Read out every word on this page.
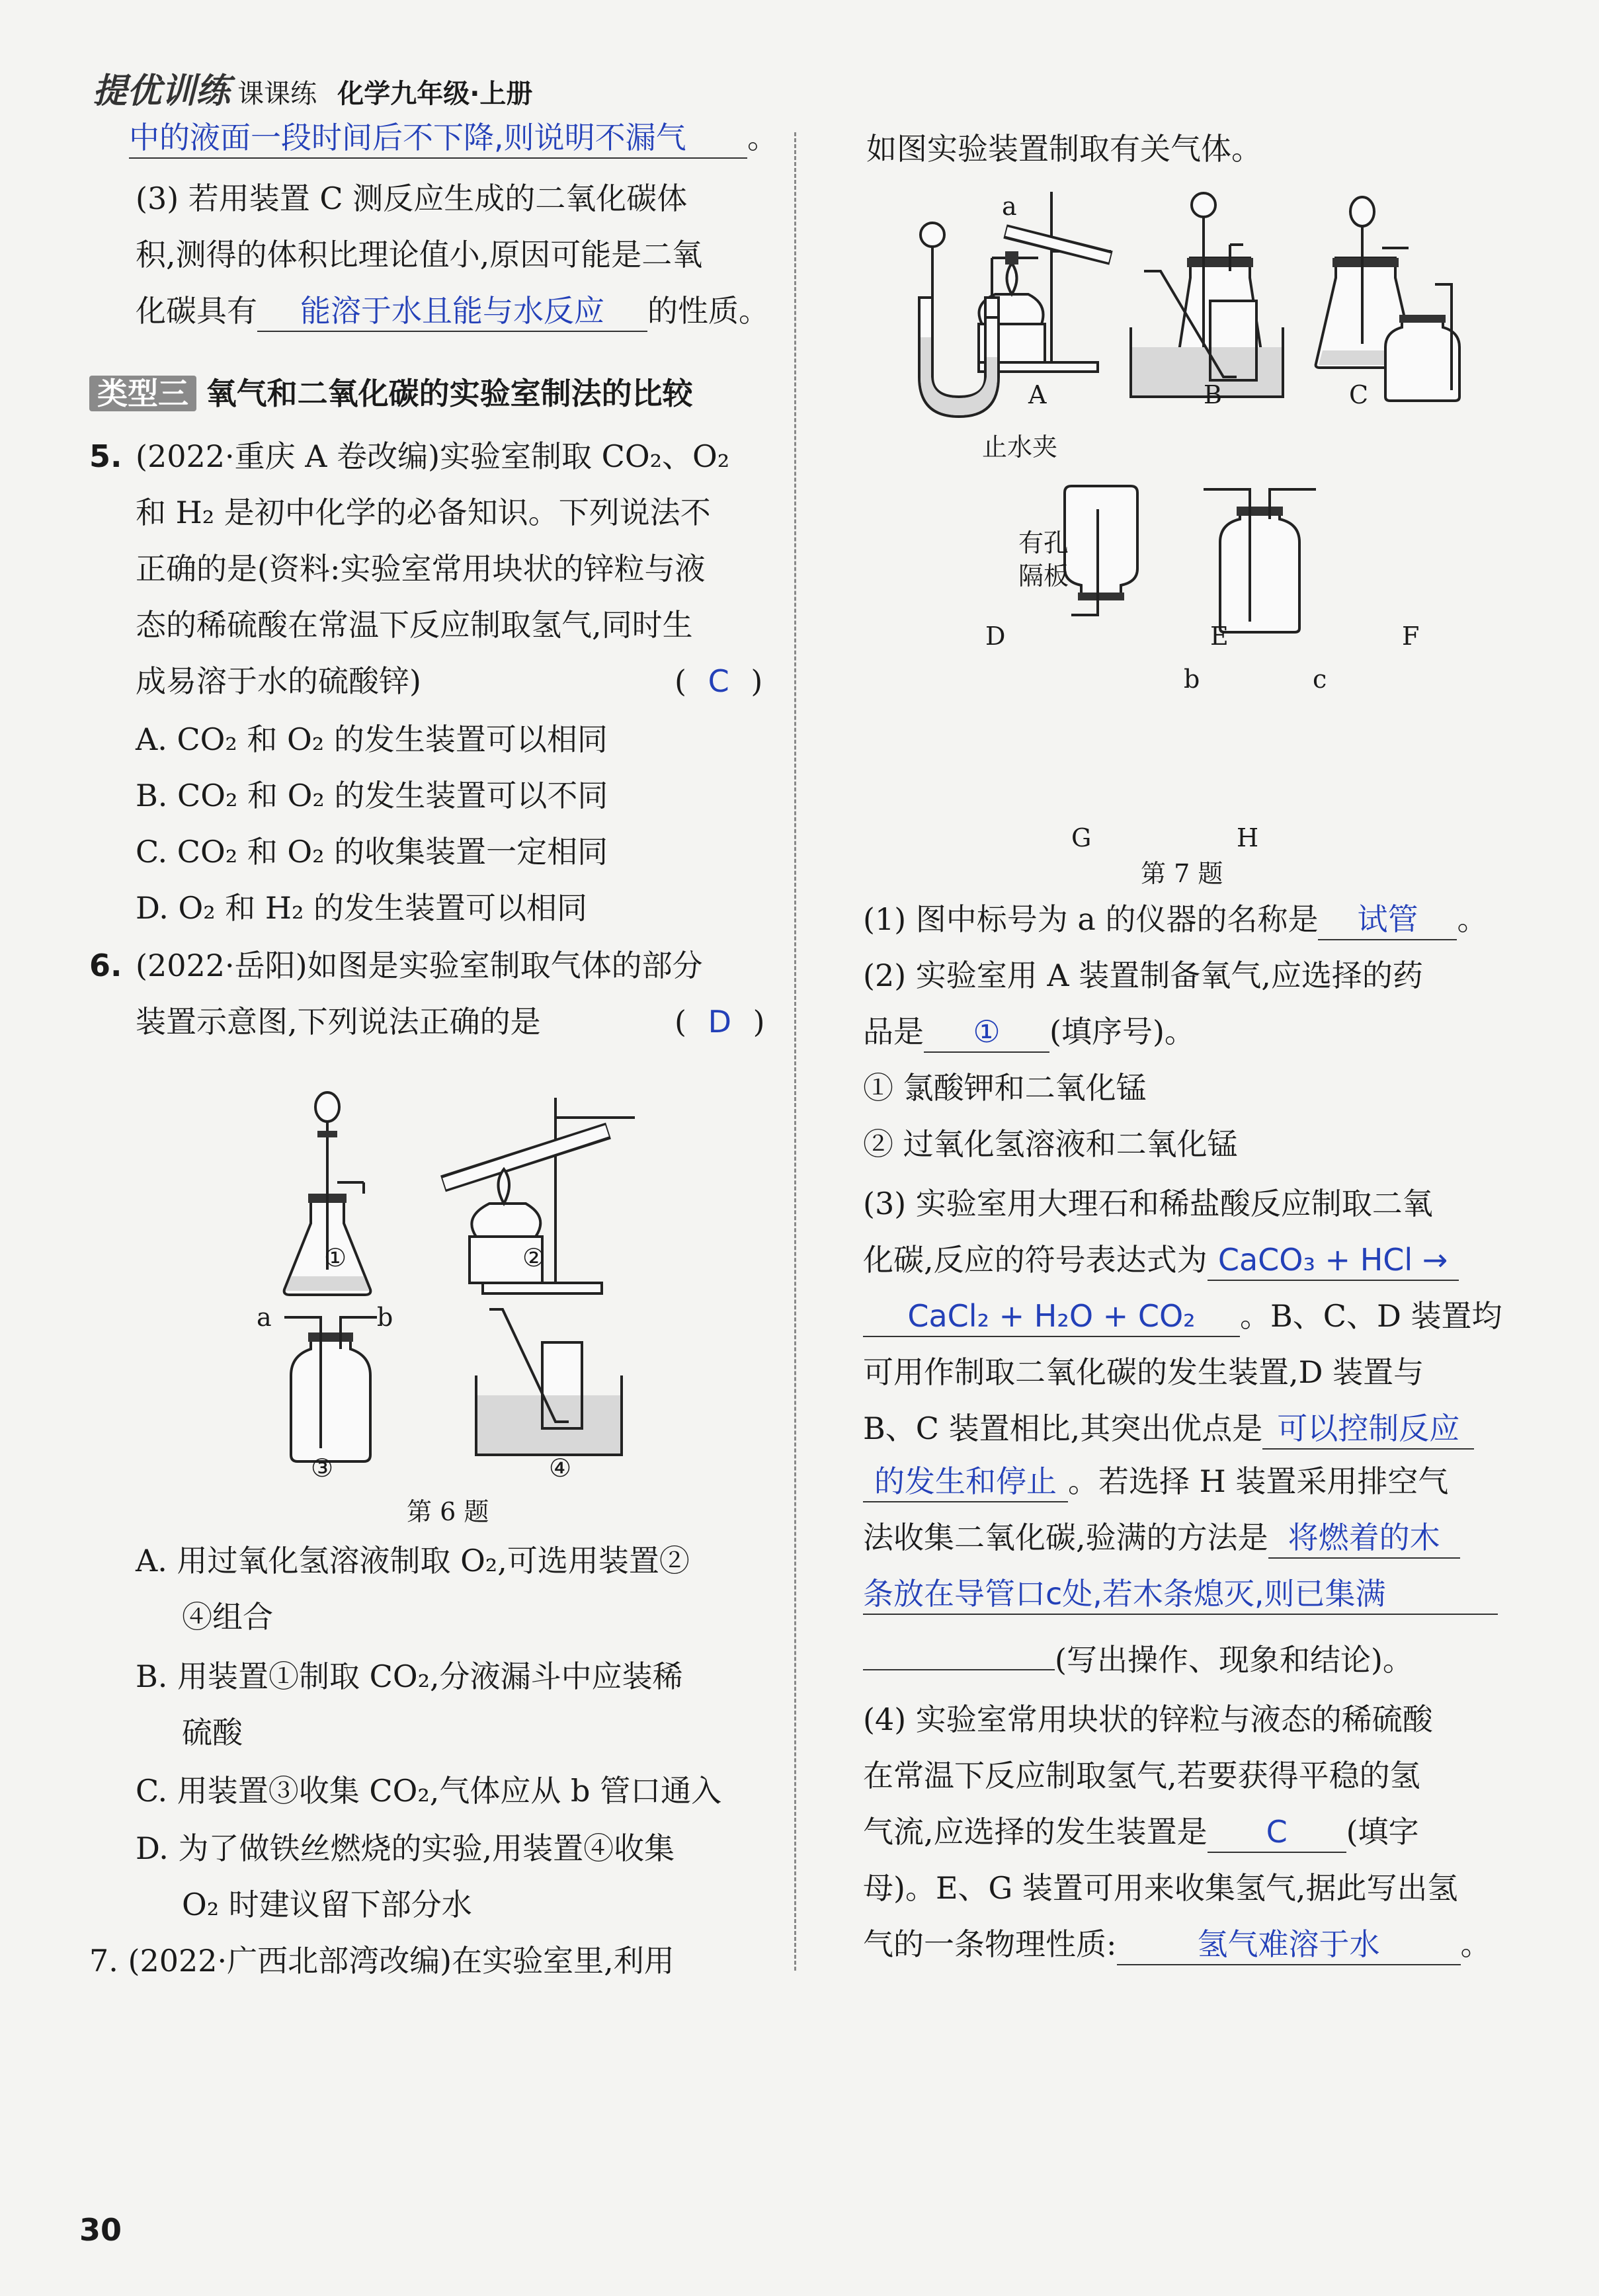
提优训练 课课练 化学九年级·上册
中的液面一段时间后不下降,则说明不漏气 。
(3) 若用装置 C 测反应生成的二氧化碳体
积,测得的体积比理论值小,原因可能是二氧
化碳具有 能溶于水且能与水反应 的性质。
类型三 氧气和二氧化碳的实验室制法的比较
5. (2022·重庆 A 卷改编)实验室制取 CO₂、O₂
和 H₂ 是初中化学的必备知识。下列说法不
正确的是(资料:实验室常用块状的锌粒与液
态的稀硫酸在常温下反应制取氢气,同时生
成易溶于水的硫酸锌)	( C )
A. CO₂ 和 O₂ 的发生装置可以相同
B. CO₂ 和 O₂ 的发生装置可以不同
C. CO₂ 和 O₂ 的收集装置一定相同
D. O₂ 和 H₂ 的发生装置可以相同
6. (2022·岳阳)如图是实验室制取气体的部分
装置示意图,下列说法正确的是	( D )
①	②
a	b
③	④
第 6 题
A. 用过氧化氢溶液制取 O₂,可选用装置②
④组合
B. 用装置①制取 CO₂,分液漏斗中应装稀
硫酸
C. 用装置③收集 CO₂,气体应从 b 管口通入
D. 为了做铁丝燃烧的实验,用装置④收集
O₂ 时建议留下部分水
7. (2022·广西北部湾改编)在实验室里,利用
如图实验装置制取有关气体。
A	B	C
D	E	F
G	H
a
止水夹
有孔
隔板
b	c
第 7 题
(1) 图中标号为 a 的仪器的名称是 试管 。
(2) 实验室用 A 装置制备氧气,应选择的药
品是 ① (填序号)。
① 氯酸钾和二氧化锰
② 过氧化氢溶液和二氧化锰
(3) 实验室用大理石和稀盐酸反应制取二氧
化碳,反应的符号表达式为 CaCO₃ + HCl →
CaCl₂ + H₂O + CO₂ 。B、C、D 装置均
可用作制取二氧化碳的发生装置,D 装置与
B、C 装置相比,其突出优点是 可以控制反应
的发生和停止 。若选择 H 装置采用排空气
法收集二氧化碳,验满的方法是 将燃着的木
条放在导管口c处,若木条熄灭,则已集满
(写出操作、现象和结论)。
(4) 实验室常用块状的锌粒与液态的稀硫酸
在常温下反应制取氢气,若要获得平稳的氢
气流,应选择的发生装置是 C (填字
母)。E、G 装置可用来收集氢气,据此写出氢
气的一条物理性质:	氢气难溶于水	。
30
